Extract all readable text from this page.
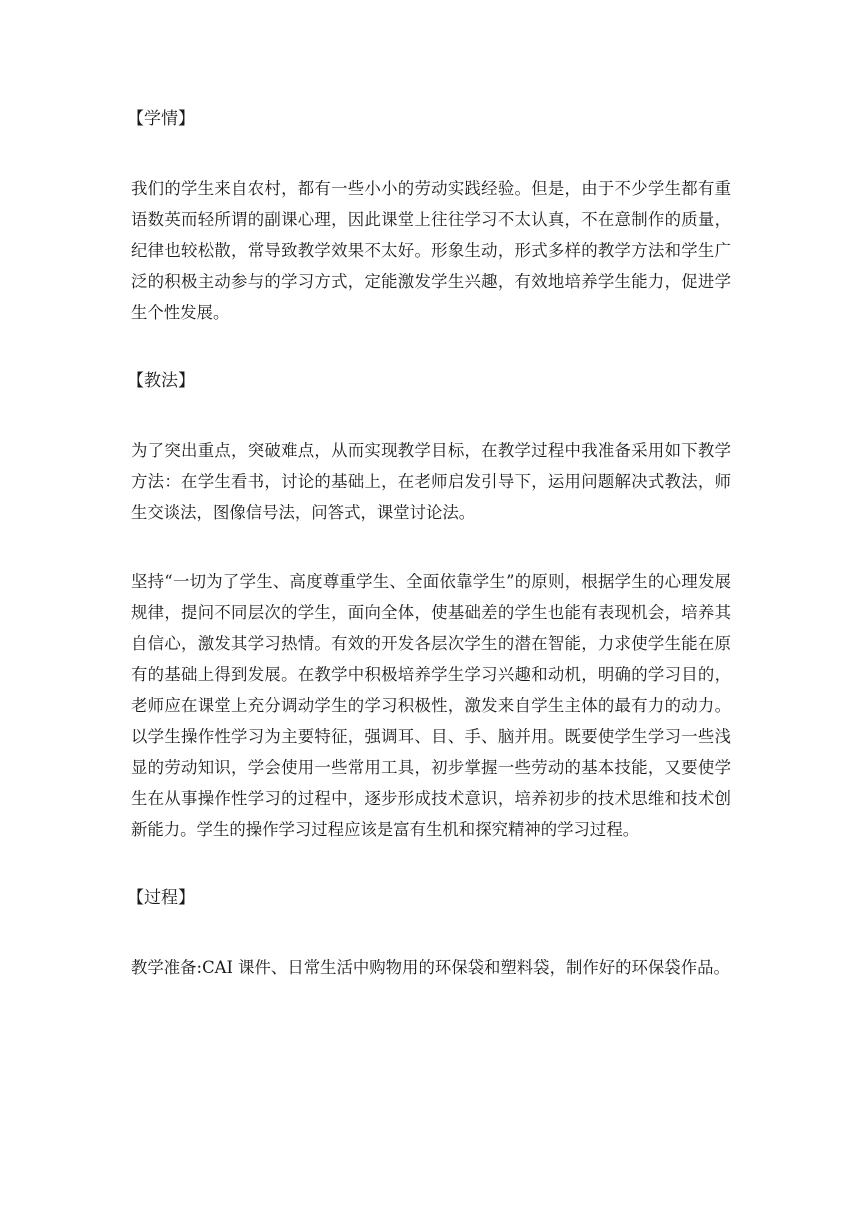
【学情】

我们的学生来自农村，都有一些小小的劳动实践经验。但是，由于不少学生都有重语数英而轻所谓的副课心理，因此课堂上往往学习不太认真，不在意制作的质量，纪律也较松散，常导致教学效果不太好。形象生动，形式多样的教学方法和学生广泛的积极主动参与的学习方式，定能激发学生兴趣，有效地培养学生能力，促进学生个性发展。

【教法】

为了突出重点，突破难点，从而实现教学目标，在教学过程中我准备采用如下教学方法：在学生看书，讨论的基础上，在老师启发引导下，运用问题解决式教法，师生交谈法，图像信号法，问答式，课堂讨论法。

坚持“一切为了学生、高度尊重学生、全面依靠学生”的原则，根据学生的心理发展规律，提问不同层次的学生，面向全体，使基础差的学生也能有表现机会，培养其自信心，激发其学习热情。有效的开发各层次学生的潜在智能，力求使学生能在原有的基础上得到发展。在教学中积极培养学生学习兴趣和动机，明确的学习目的，老师应在课堂上充分调动学生的学习积极性，激发来自学生主体的最有力的动力。以学生操作性学习为主要特征，强调耳、目、手、脑并用。既要使学生学习一些浅显的劳动知识，学会使用一些常用工具，初步掌握一些劳动的基本技能，又要使学生在从事操作性学习的过程中，逐步形成技术意识，培养初步的技术思维和技术创新能力。学生的操作学习过程应该是富有生机和探究精神的学习过程。

【过程】

教学准备:CAI 课件、日常生活中购物用的环保袋和塑料袋，制作好的环保袋作品。
